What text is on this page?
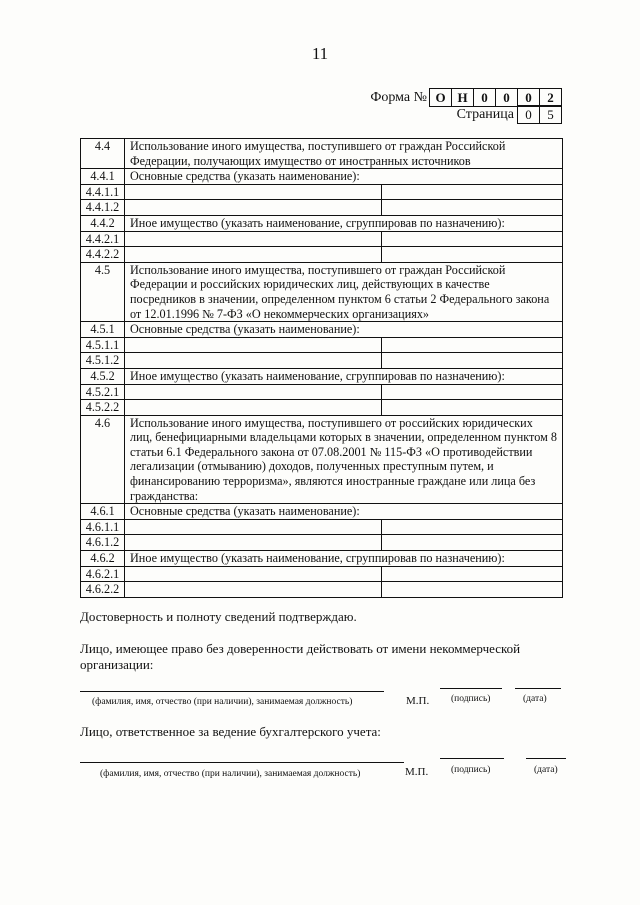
11
Форма № О Н	0	0	0	2
Страница 0	5
4.4	Использование иного имущества, поступившего от граждан Российской Федерации, получающих имущество от иностранных источников	
4.4.1	Основные средства (указать наименование):	
4.4.1.1		
4.4.1.2		
4.4.2	Иное имущество (указать наименование, сгруппировав по назначению):	
4.4.2.1		
4.4.2.2		
4.5	Использование иного имущества, поступившего от граждан Российской Федерации и российских юридических лиц, действующих в качестве посредников в значении, определенном пунктом 6 статьи 2 Федерального закона от 12.01.1996 № 7-ФЗ «О некоммерческих организациях»	
4.5.1	Основные средства (указать наименование):	
4.5.1.1		
4.5.1.2		
4.5.2	Иное имущество (указать наименование, сгруппировав по назначению):	
4.5.2.1		
4.5.2.2		
4.6	Использование иного имущества, поступившего от российских юридических лиц, бенефициарными владельцами которых в значении, определенном пунктом 8 статьи 6.1 Федерального закона от 07.08.2001 № 115-ФЗ «О противодействии легализации (отмыванию) доходов, полученных преступным путем, и финансированию терроризма», являются иностранные граждане или лица без гражданства:	
4.6.1	Основные средства (указать наименование):	
4.6.1.1		
4.6.1.2		
4.6.2	Иное имущество (указать наименование, сгруппировав по назначению):	
4.6.2.1		
4.6.2.2		
Достоверность и полноту сведений подтверждаю.
Лицо, имеющее право без доверенности действовать от имени некоммерческой организации:
(фамилия, имя, отчество (при наличии), занимаемая должность)	М.П. (подпись)	(дата)
Лицо, ответственное за ведение бухгалтерского учета:
(фамилия, имя, отчество (при наличии), занимаемая должность)	М.П. (подпись)	(дата)
